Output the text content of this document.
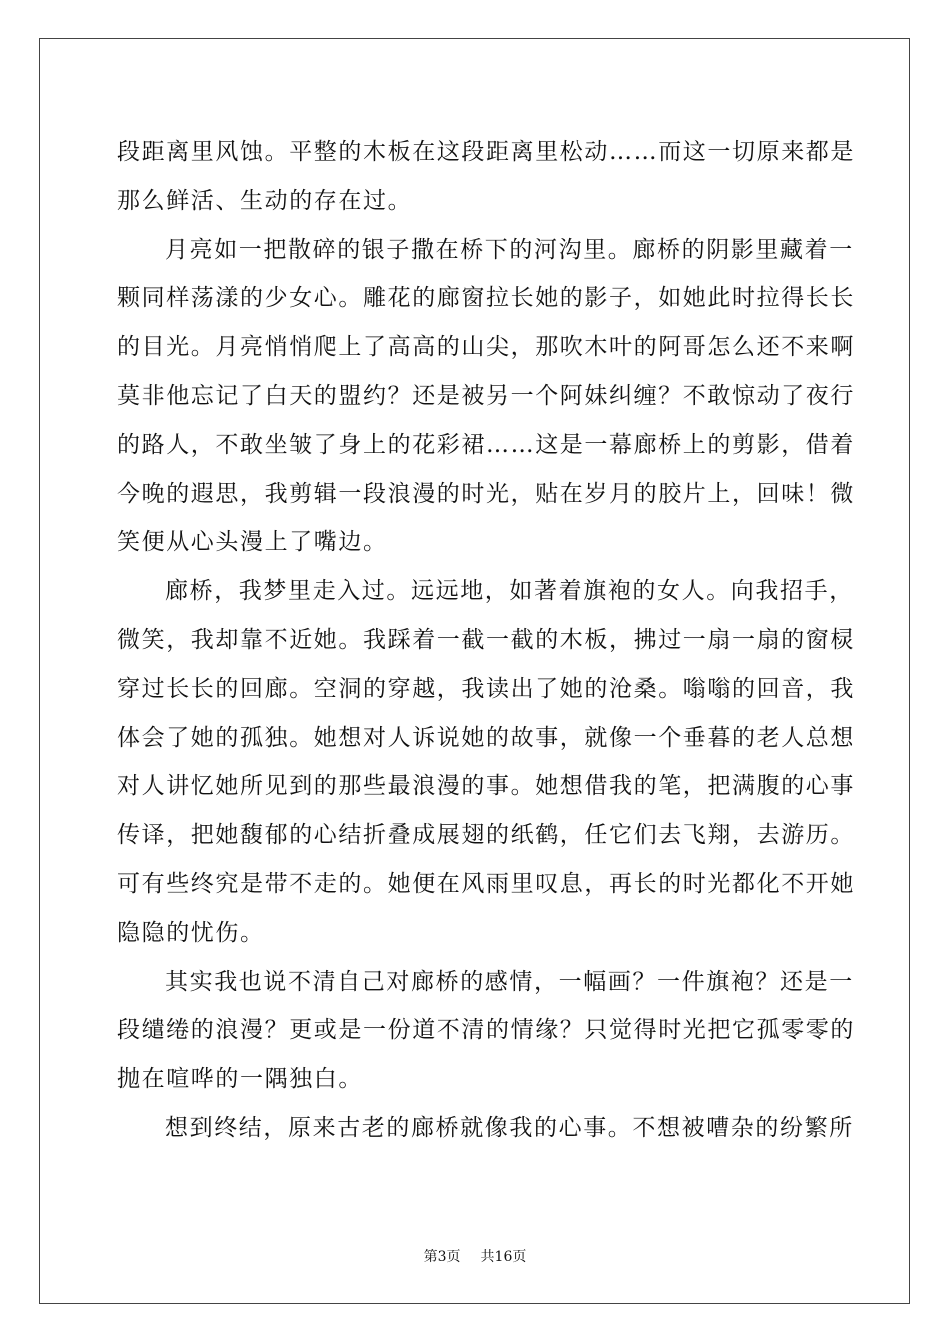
段距离里风蚀。平整的木板在这段距离里松动……而这一切原来都是
那么鲜活、生动的存在过。
月亮如一把散碎的银子撒在桥下的河沟里。廊桥的阴影里藏着一
颗同样荡漾的少女心。雕花的廊窗拉长她的影子，如她此时拉得长长
的目光。月亮悄悄爬上了高高的山尖，那吹木叶的阿哥怎么还不来啊
莫非他忘记了白天的盟约？还是被另一个阿妹纠缠？不敢惊动了夜行
的路人，不敢坐皱了身上的花彩裙……这是一幕廊桥上的剪影，借着
今晚的遐思，我剪辑一段浪漫的时光，贴在岁月的胶片上，回味！微
笑便从心头漫上了嘴边。
廊桥，我梦里走入过。远远地，如著着旗袍的女人。向我招手，
微笑，我却靠不近她。我踩着一截一截的木板，拂过一扇一扇的窗棂
穿过长长的回廊。空洞的穿越，我读出了她的沧桑。嗡嗡的回音，我
体会了她的孤独。她想对人诉说她的故事，就像一个垂暮的老人总想
对人讲忆她所见到的那些最浪漫的事。她想借我的笔，把满腹的心事
传译，把她馥郁的心结折叠成展翅的纸鹤，任它们去飞翔，去游历。
可有些终究是带不走的。她便在风雨里叹息，再长的时光都化不开她
隐隐的忧伤。
其实我也说不清自己对廊桥的感情，一幅画？一件旗袍？还是一
段缱绻的浪漫？更或是一份道不清的情缘？只觉得时光把它孤零零的
抛在喧哗的一隅独白。
想到终结，原来古老的廊桥就像我的心事。不想被嘈杂的纷繁所
第3页 共16页
